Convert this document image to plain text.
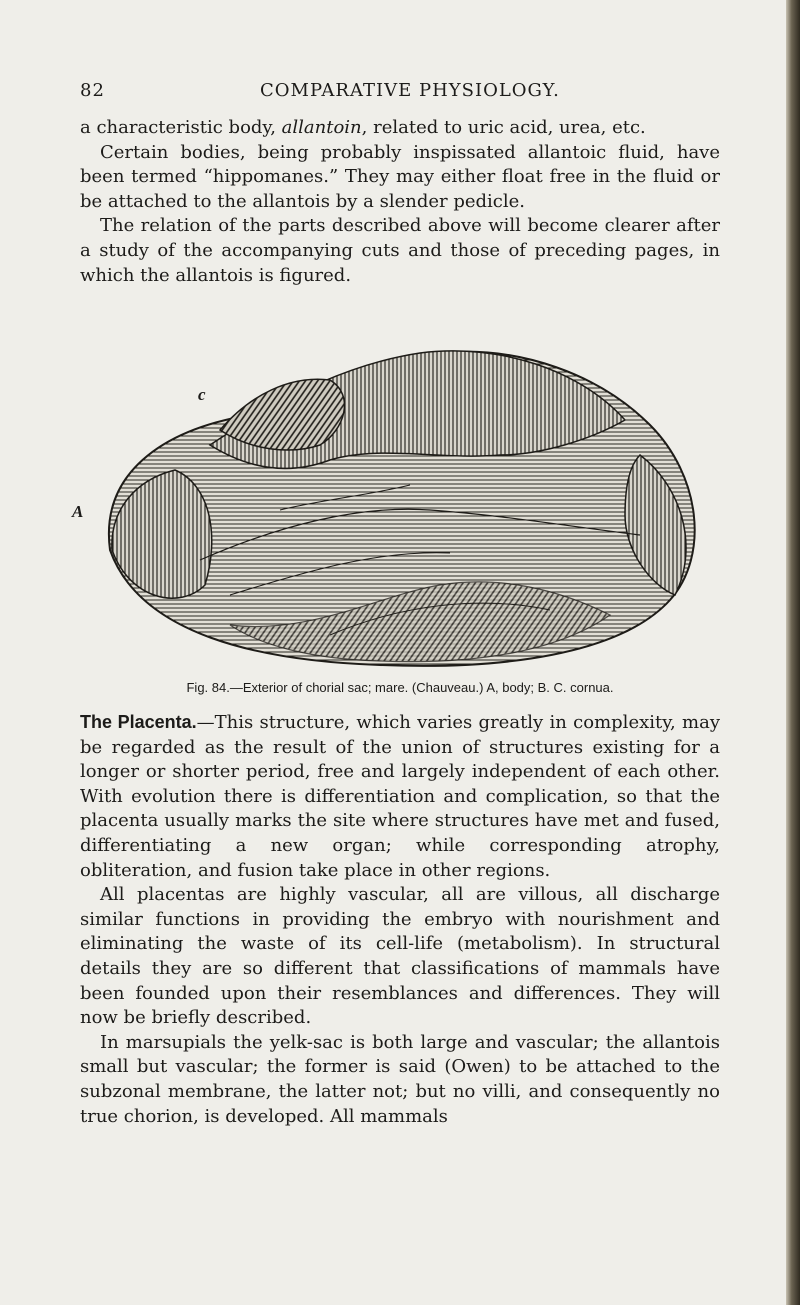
82	COMPARATIVE PHYSIOLOGY.

a characteristic body, allantoin, related to uric acid, urea, etc.

Certain bodies, being probably inspissated allantoic fluid, have been termed “hippomanes.” They may either float free in the fluid or be attached to the allantois by a slender pedicle.

The relation of the parts described above will become clearer after a study of the accompanying cuts and those of preceding pages, in which the allantois is figured.

c
A
Fig. 84.—Exterior of chorial sac; mare. (Chauveau.) A, body; B. C. cornua.

The Placenta.—This structure, which varies greatly in complexity, may be regarded as the result of the union of structures existing for a longer or shorter period, free and largely independent of each other. With evolution there is differentiation and complication, so that the placenta usually marks the site where structures have met and fused, differentiating a new organ; while corresponding atrophy, obliteration, and fusion take place in other regions.

All placentas are highly vascular, all are villous, all discharge similar functions in providing the embryo with nourishment and eliminating the waste of its cell-life (metabolism). In structural details they are so different that classifications of mammals have been founded upon their resemblances and differences. They will now be briefly described.

In marsupials the yelk-sac is both large and vascular; the allantois small but vascular; the former is said (Owen) to be attached to the subzonal membrane, the latter not; but no villi, and consequently no true chorion, is developed. All mammals
